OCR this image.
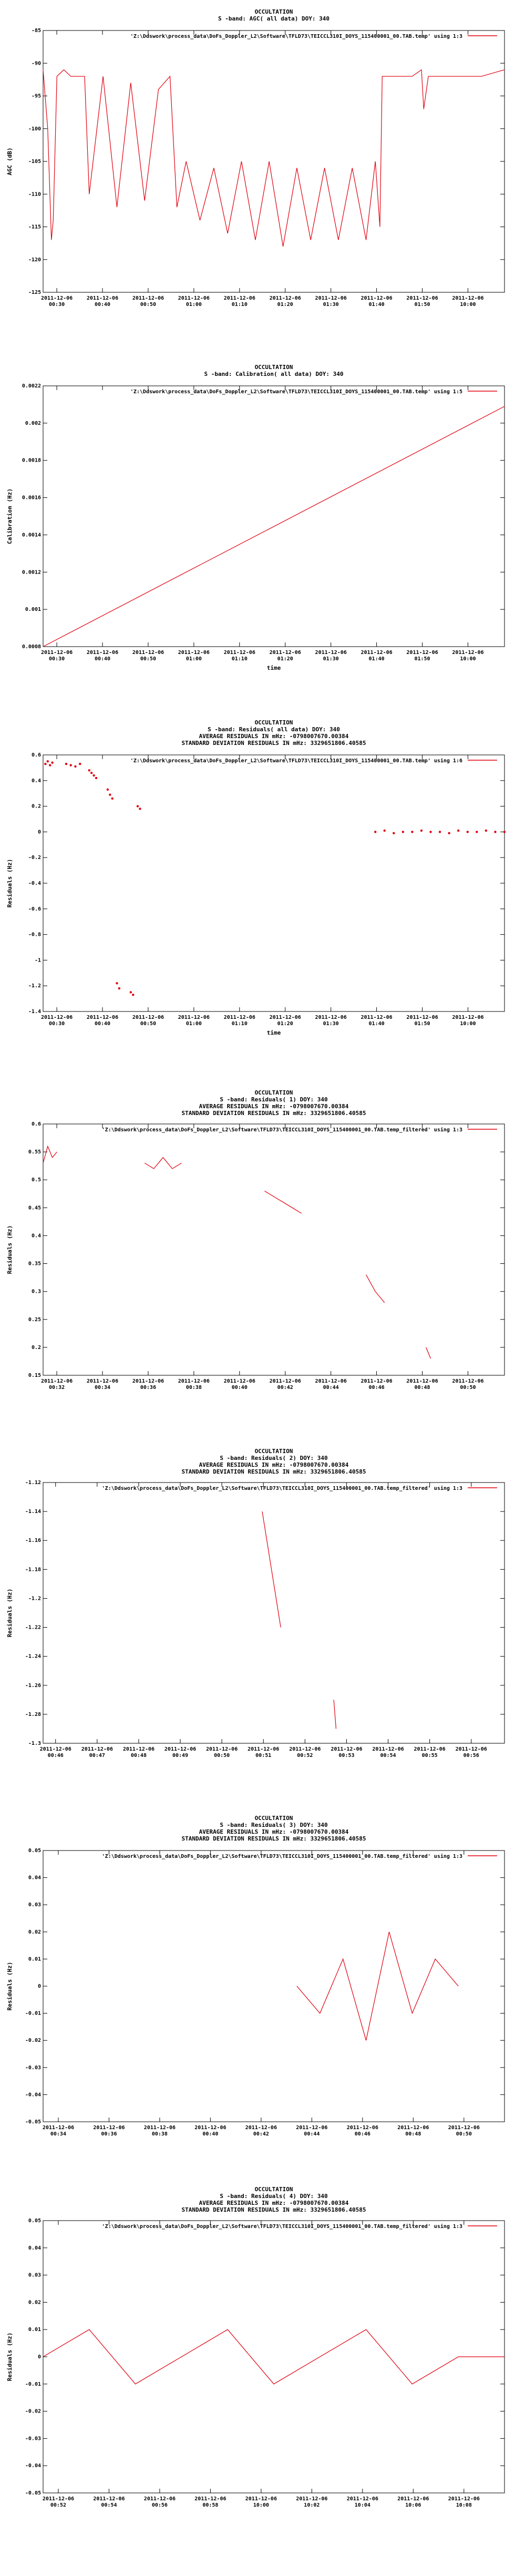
OCCULTATION
S -band: AGC( all data) DOY: 340
-125
-120
-115
-110
-105
-100
-95
-90
-85
2011-12-06
00:30
2011-12-06
00:40
2011-12-06
00:50
2011-12-06
01:00
2011-12-06
01:10
2011-12-06
01:20
2011-12-06
01:30
2011-12-06
01:40
2011-12-06
01:50
2011-12-06
10:00
AGC (dB)
'Z:\Ddswork\process_data\DoFs_Doppler_L2\Software\TFLD73\TEICCL310I_DOYS_115400001_00.TAB.temp' using 1:3
OCCULTATION
S -band: Calibration( all data) DOY: 340
0.0008
0.001
0.0012
0.0014
0.0016
0.0018
0.002
0.0022
2011-12-06
00:30
2011-12-06
00:40
2011-12-06
00:50
2011-12-06
01:00
2011-12-06
01:10
2011-12-06
01:20
2011-12-06
01:30
2011-12-06
01:40
2011-12-06
01:50
2011-12-06
10:00
Calibration (Hz)
time
'Z:\Ddswork\process_data\DoFs_Doppler_L2\Software\TFLD73\TEICCL310I_DOYS_115400001_00.TAB.temp' using 1:5
OCCULTATION
S -band: Residuals( all data) DOY: 340
AVERAGE RESIDUALS IN mHz: -0798007670.00384
STANDARD DEVIATION RESIDUALS IN mHz: 3329651806.40585
-1.4
-1.2
-1
-0.8
-0.6
-0.4
-0.2
0
0.2
0.4
0.6
2011-12-06
00:30
2011-12-06
00:40
2011-12-06
00:50
2011-12-06
01:00
2011-12-06
01:10
2011-12-06
01:20
2011-12-06
01:30
2011-12-06
01:40
2011-12-06
01:50
2011-12-06
10:00
Residuals (Hz)
time
'Z:\Ddswork\process_data\DoFs_Doppler_L2\Software\TFLD73\TEICCL310I_DOYS_115400001_00.TAB.temp' using 1:6
OCCULTATION
S -band: Residuals( 1) DOY: 340
AVERAGE RESIDUALS IN mHz: -0798007670.00384
STANDARD DEVIATION RESIDUALS IN mHz: 3329651806.40585
0.15
0.2
0.25
0.3
0.35
0.4
0.45
0.5
0.55
0.6
2011-12-06
00:32
2011-12-06
00:34
2011-12-06
00:36
2011-12-06
00:38
2011-12-06
00:40
2011-12-06
00:42
2011-12-06
00:44
2011-12-06
00:46
2011-12-06
00:48
2011-12-06
00:50
Residuals (Hz)
'Z:\Ddswork\process_data\DoFs_Doppler_L2\Software\TFLD73\TEICCL310I_DOYS_115400001_00.TAB.temp_filtered' using 1:3
OCCULTATION
S -band: Residuals( 2) DOY: 340
AVERAGE RESIDUALS IN mHz: -0798007670.00384
STANDARD DEVIATION RESIDUALS IN mHz: 3329651806.40585
-1.3
-1.28
-1.26
-1.24
-1.22
-1.2
-1.18
-1.16
-1.14
-1.12
2011-12-06
00:46
2011-12-06
00:47
2011-12-06
00:48
2011-12-06
00:49
2011-12-06
00:50
2011-12-06
00:51
2011-12-06
00:52
2011-12-06
00:53
2011-12-06
00:54
2011-12-06
00:55
2011-12-06
00:56
Residuals (Hz)
'Z:\Ddswork\process_data\DoFs_Doppler_L2\Software\TFLD73\TEICCL310I_DOYS_115400001_00.TAB.temp_filtered' using 1:3
OCCULTATION
S -band: Residuals( 3) DOY: 340
AVERAGE RESIDUALS IN mHz: -0798007670.00384
STANDARD DEVIATION RESIDUALS IN mHz: 3329651806.40585
-0.05
-0.04
-0.03
-0.02
-0.01
0
0.01
0.02
0.03
0.04
0.05
2011-12-06
00:34
2011-12-06
00:36
2011-12-06
00:38
2011-12-06
00:40
2011-12-06
00:42
2011-12-06
00:44
2011-12-06
00:46
2011-12-06
00:48
2011-12-06
00:50
Residuals (Hz)
'Z:\Ddswork\process_data\DoFs_Doppler_L2\Software\TFLD73\TEICCL310I_DOYS_115400001_00.TAB.temp_filtered' using 1:3
OCCULTATION
S -band: Residuals( 4) DOY: 340
AVERAGE RESIDUALS IN mHz: -0798007670.00384
STANDARD DEVIATION RESIDUALS IN mHz: 3329651806.40585
-0.05
-0.04
-0.03
-0.02
-0.01
0
0.01
0.02
0.03
0.04
0.05
2011-12-06
00:52
2011-12-06
00:54
2011-12-06
00:56
2011-12-06
00:58
2011-12-06
10:00
2011-12-06
10:02
2011-12-06
10:04
2011-12-06
10:06
2011-12-06
10:08
Residuals (Hz)
'Z:\Ddswork\process_data\DoFs_Doppler_L2\Software\TFLD73\TEICCL310I_DOYS_115400001_00.TAB.temp_filtered' using 1:3
